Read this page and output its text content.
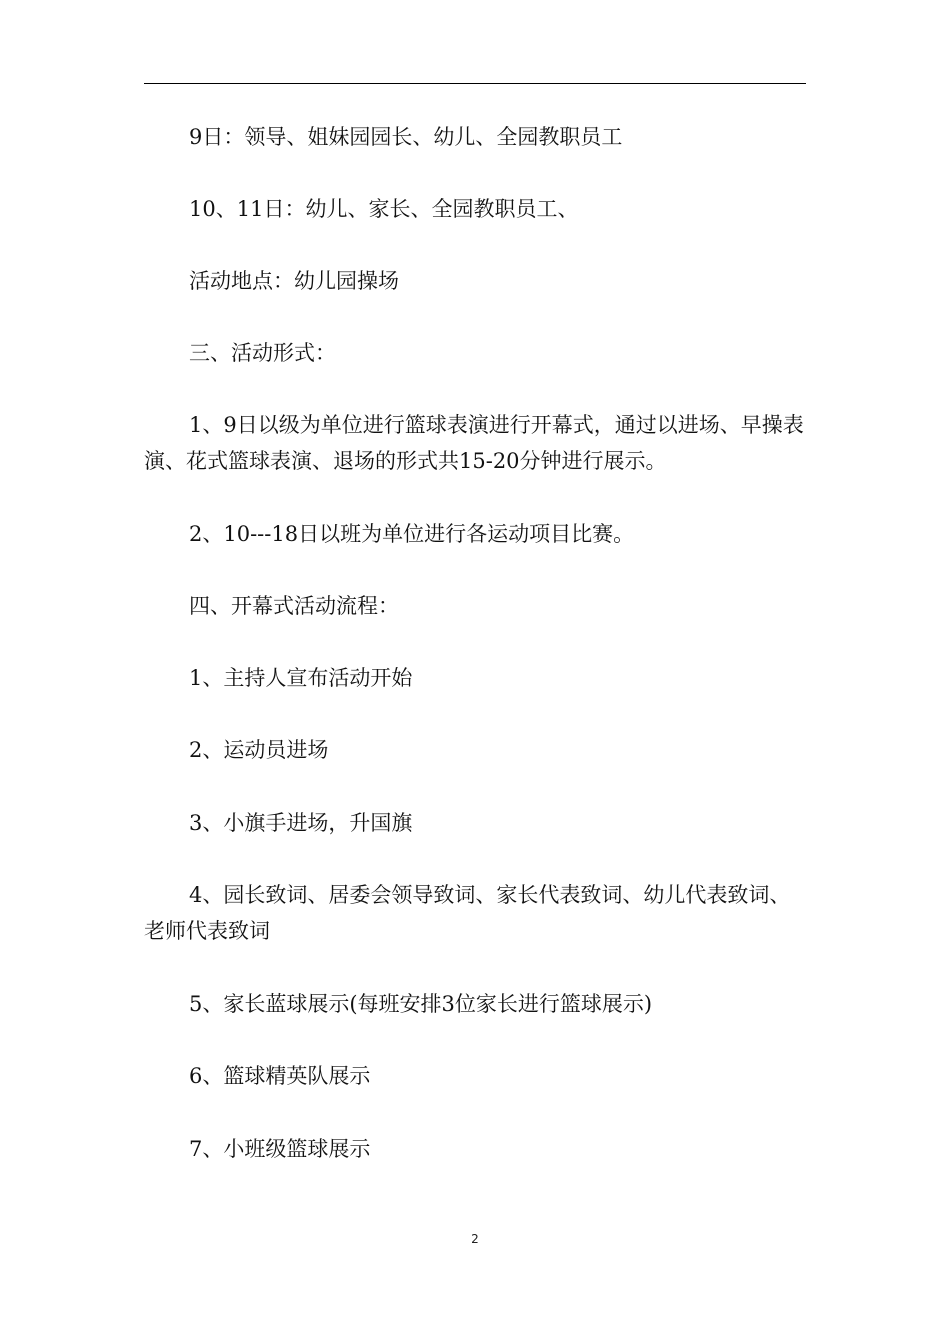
9日：领导、姐妹园园长、幼儿、全园教职员工

10、11日：幼儿、家长、全园教职员工、

活动地点：幼儿园操场

三、活动形式：

1、9日以级为单位进行篮球表演进行开幕式，通过以进场、早操表演、花式篮球表演、退场的形式共15-20分钟进行展示。

2、10---18日以班为单位进行各运动项目比赛。

四、开幕式活动流程：

1、主持人宣布活动开始

2、运动员进场

3、小旗手进场，升国旗

4、园长致词、居委会领导致词、家长代表致词、幼儿代表致词、老师代表致词

5、家长蓝球展示(每班安排3位家长进行篮球展示)

6、篮球精英队展示

7、小班级篮球展示

2
